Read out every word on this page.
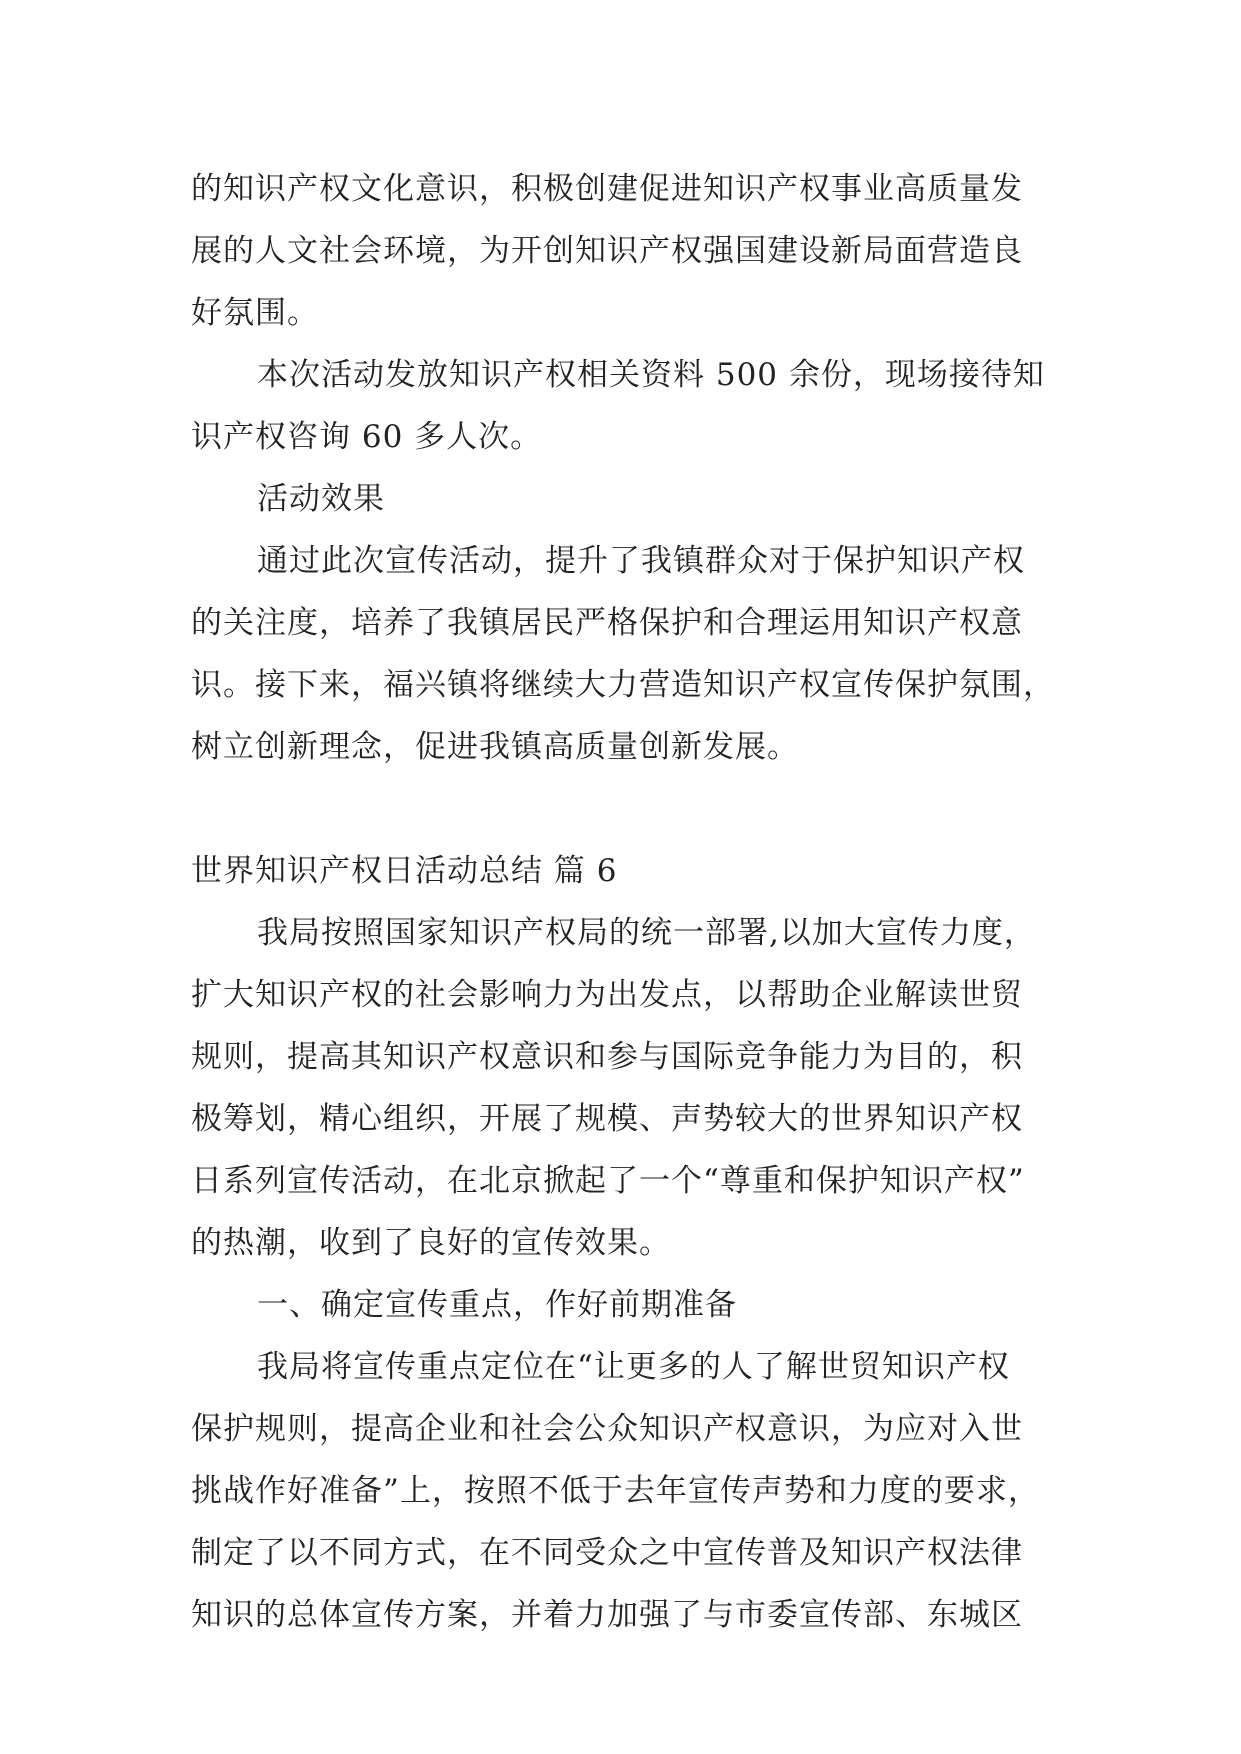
的知识产权文化意识，积极创建促进知识产权事业高质量发
展的人文社会环境，为开创知识产权强国建设新局面营造良
好氛围。
本次活动发放知识产权相关资料 500 余份，现场接待知
识产权咨询 60 多人次。
活动效果
通过此次宣传活动，提升了我镇群众对于保护知识产权
的关注度，培养了我镇居民严格保护和合理运用知识产权意
识。接下来，福兴镇将继续大力营造知识产权宣传保护氛围，
树立创新理念，促进我镇高质量创新发展。
世界知识产权日活动总结 篇 6
我局按照国家知识产权局的统一部署,以加大宣传力度，
扩大知识产权的社会影响力为出发点，以帮助企业解读世贸
规则，提高其知识产权意识和参与国际竞争能力为目的，积
极筹划，精心组织，开展了规模、声势较大的世界知识产权
日系列宣传活动，在北京掀起了一个“尊重和保护知识产权”
的热潮，收到了良好的宣传效果。
一、确定宣传重点，作好前期准备
我局将宣传重点定位在“让更多的人了解世贸知识产权
保护规则，提高企业和社会公众知识产权意识，为应对入世
挑战作好准备”上，按照不低于去年宣传声势和力度的要求，
制定了以不同方式，在不同受众之中宣传普及知识产权法律
知识的总体宣传方案，并着力加强了与市委宣传部、东城区
